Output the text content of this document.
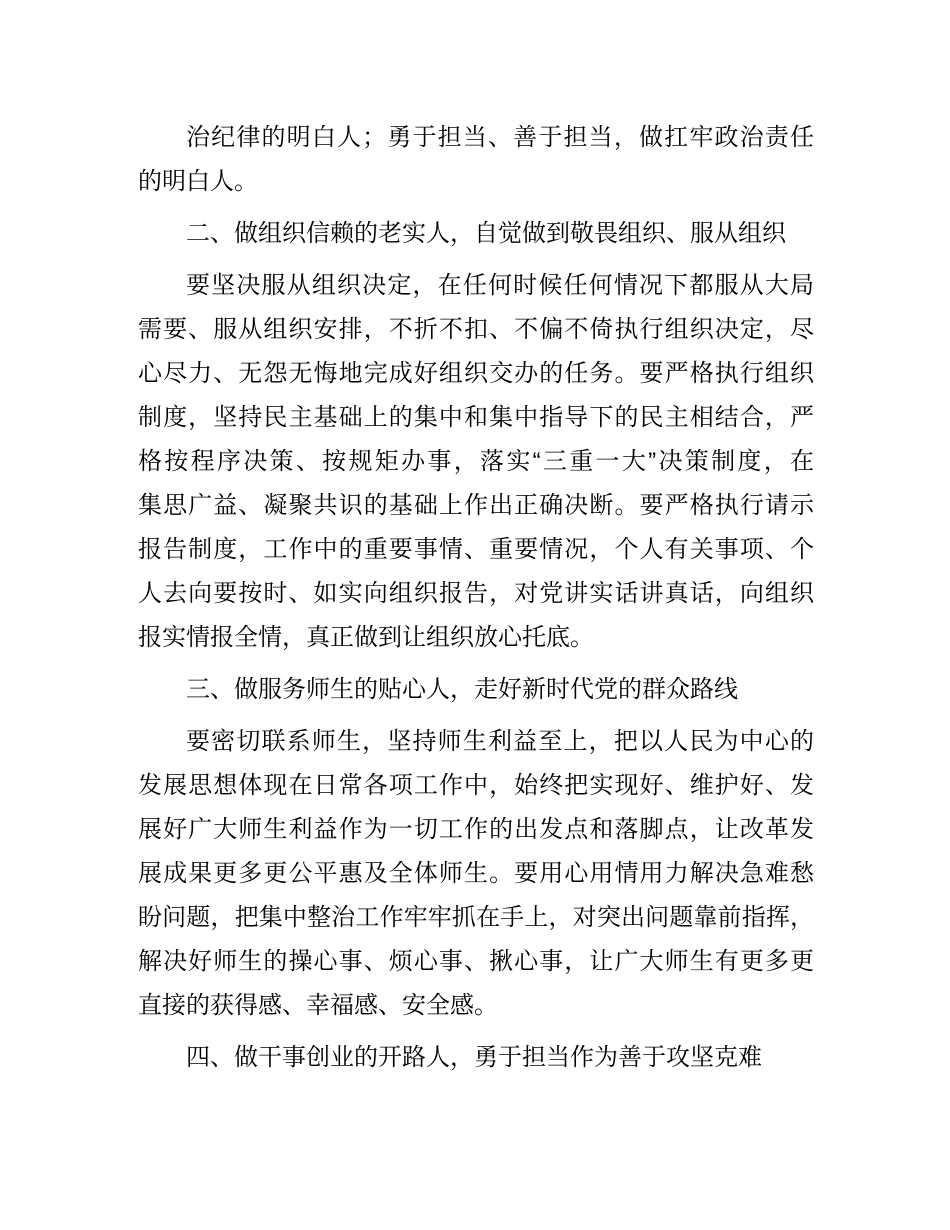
治纪律的明白人；勇于担当、善于担当，做扛牢政治责任
的明白人。
二、做组织信赖的老实人，自觉做到敬畏组织、服从组织
要坚决服从组织决定，在任何时候任何情况下都服从大局
需要、服从组织安排，不折不扣、不偏不倚执行组织决定，尽
心尽力、无怨无悔地完成好组织交办的任务。要严格执行组织
制度，坚持民主基础上的集中和集中指导下的民主相结合，严
格按程序决策、按规矩办事，落实“三重一大”决策制度，在
集思广益、凝聚共识的基础上作出正确决断。要严格执行请示
报告制度，工作中的重要事情、重要情况，个人有关事项、个
人去向要按时、如实向组织报告，对党讲实话讲真话，向组织
报实情报全情，真正做到让组织放心托底。
三、做服务师生的贴心人，走好新时代党的群众路线
要密切联系师生，坚持师生利益至上，把以人民为中心的
发展思想体现在日常各项工作中，始终把实现好、维护好、发
展好广大师生利益作为一切工作的出发点和落脚点，让改革发
展成果更多更公平惠及全体师生。要用心用情用力解决急难愁
盼问题，把集中整治工作牢牢抓在手上，对突出问题靠前指挥，
解决好师生的操心事、烦心事、揪心事，让广大师生有更多更
直接的获得感、幸福感、安全感。
四、做干事创业的开路人，勇于担当作为善于攻坚克难
